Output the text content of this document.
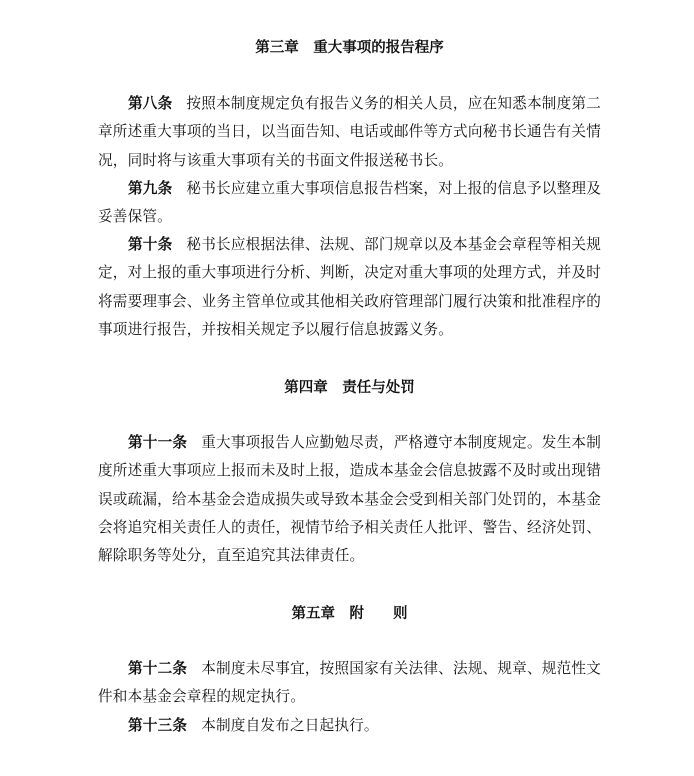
第三章　重大事项的报告程序
第八条 按照本制度规定负有报告义务的相关人员，应在知悉本制度第二章所述重大事项的当日，以当面告知、电话或邮件等方式向秘书长通告有关情况，同时将与该重大事项有关的书面文件报送秘书长。
第九条 秘书长应建立重大事项信息报告档案，对上报的信息予以整理及妥善保管。
第十条 秘书长应根据法律、法规、部门规章以及本基金会章程等相关规定，对上报的重大事项进行分析、判断，决定对重大事项的处理方式，并及时将需要理事会、业务主管单位或其他相关政府管理部门履行决策和批准程序的事项进行报告，并按相关规定予以履行信息披露义务。
第四章　责任与处罚
第十一条 重大事项报告人应勤勉尽责，严格遵守本制度规定。发生本制度所述重大事项应上报而未及时上报，造成本基金会信息披露不及时或出现错误或疏漏，给本基金会造成损失或导致本基金会受到相关部门处罚的，本基金会将追究相关责任人的责任，视情节给予相关责任人批评、警告、经济处罚、解除职务等处分，直至追究其法律责任。
第五章　附　　则
第十二条 本制度未尽事宜，按照国家有关法律、法规、规章、规范性文件和本基金会章程的规定执行。
第十三条 本制度自发布之日起执行。
